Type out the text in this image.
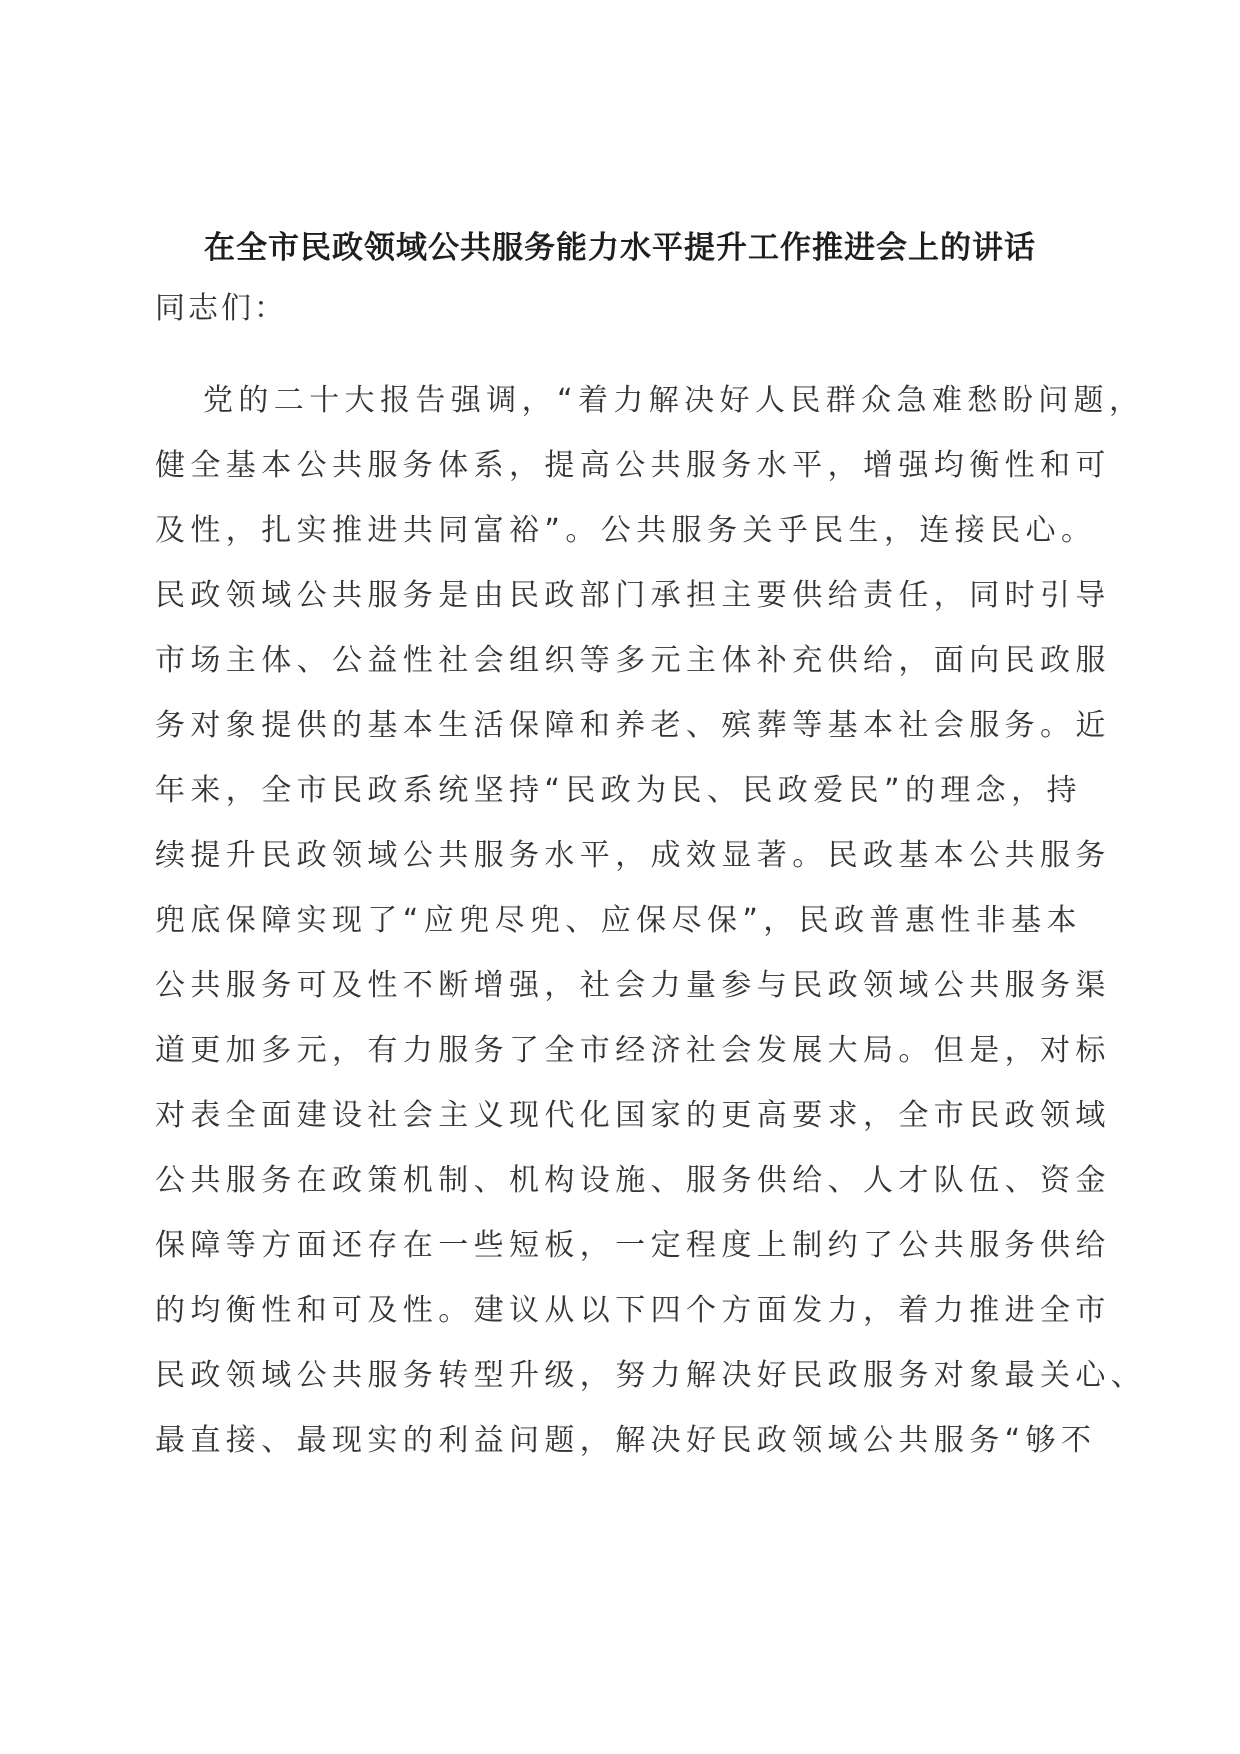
在全市民政领域公共服务能力水平提升工作推进会上的讲话
同志们：
党的二十大报告强调，“着力解决好人民群众急难愁盼问题，
健全基本公共服务体系，提高公共服务水平，增强均衡性和可
及性，扎实推进共同富裕”。公共服务关乎民生，连接民心。
民政领域公共服务是由民政部门承担主要供给责任，同时引导
市场主体、公益性社会组织等多元主体补充供给，面向民政服
务对象提供的基本生活保障和养老、殡葬等基本社会服务。近
年来，全市民政系统坚持“民政为民、民政爱民”的理念，持
续提升民政领域公共服务水平，成效显著。民政基本公共服务
兜底保障实现了“应兜尽兜、应保尽保”，民政普惠性非基本
公共服务可及性不断增强，社会力量参与民政领域公共服务渠
道更加多元，有力服务了全市经济社会发展大局。但是，对标
对表全面建设社会主义现代化国家的更高要求，全市民政领域
公共服务在政策机制、机构设施、服务供给、人才队伍、资金
保障等方面还存在一些短板，一定程度上制约了公共服务供给
的均衡性和可及性。建议从以下四个方面发力，着力推进全市
民政领域公共服务转型升级，努力解决好民政服务对象最关心、
最直接、最现实的利益问题，解决好民政领域公共服务“够不
